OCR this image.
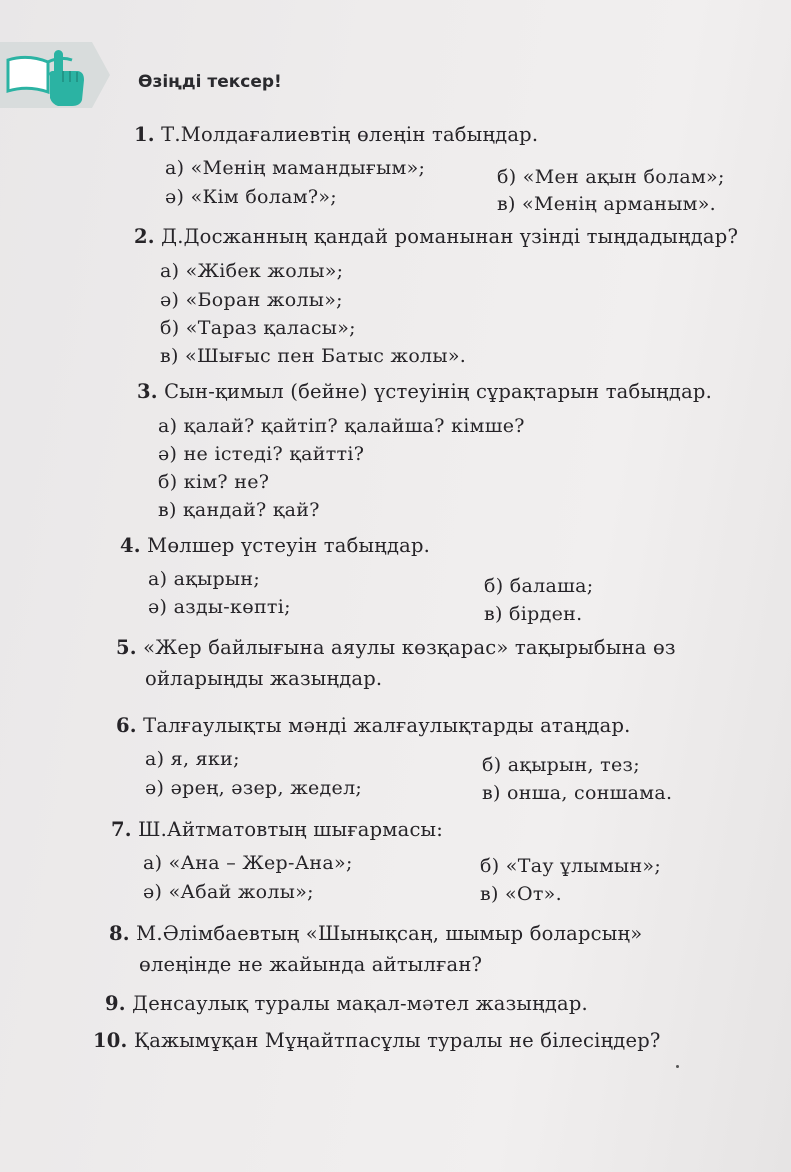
Өзіңді тексер!
1. Т.Молдағалиевтің өлеңін табыңдар.
а) «Менің мамандығым»;
ә) «Кім болам?»;
б) «Мен ақын болам»;
в) «Менің арманым».
2. Д.Досжанның қандай романынан үзінді тыңдадыңдар?
а) «Жібек жолы»;
ә) «Боран жолы»;
б) «Тараз қаласы»;
в) «Шығыс пен Батыс жолы».
3. Сын-қимыл (бейне) үстеуінің сұрақтарын табыңдар.
а) қалай? қайтіп? қалайша? кімше?
ә) не істеді? қайтті?
б) кім? не?
в) қандай? қай?
4. Мөлшер үстеуін табыңдар.
а) ақырын;
ә) азды-көпті;
б) балаша;
в) бірден.
5. «Жер байлығына аяулы көзқарас» тақырыбына өз
ойларыңды жазыңдар.
6. Талғаулықты мәнді жалғаулықтарды атаңдар.
а) я, яки;
ә) әрең, әзер, жедел;
б) ақырын, тез;
в) онша, соншама.
7. Ш.Айтматовтың шығармасы:
а) «Ана – Жер-Ана»;
ә) «Абай жолы»;
б) «Тау ұлымын»;
в) «От».
8. М.Әлімбаевтың «Шынықсаң, шымыр боларсың»
өлеңінде не жайында айтылған?
9. Денсаулық туралы мақал-мәтел жазыңдар.
10. Қажымұқан Мұңайтпасұлы туралы не білесіңдер?
